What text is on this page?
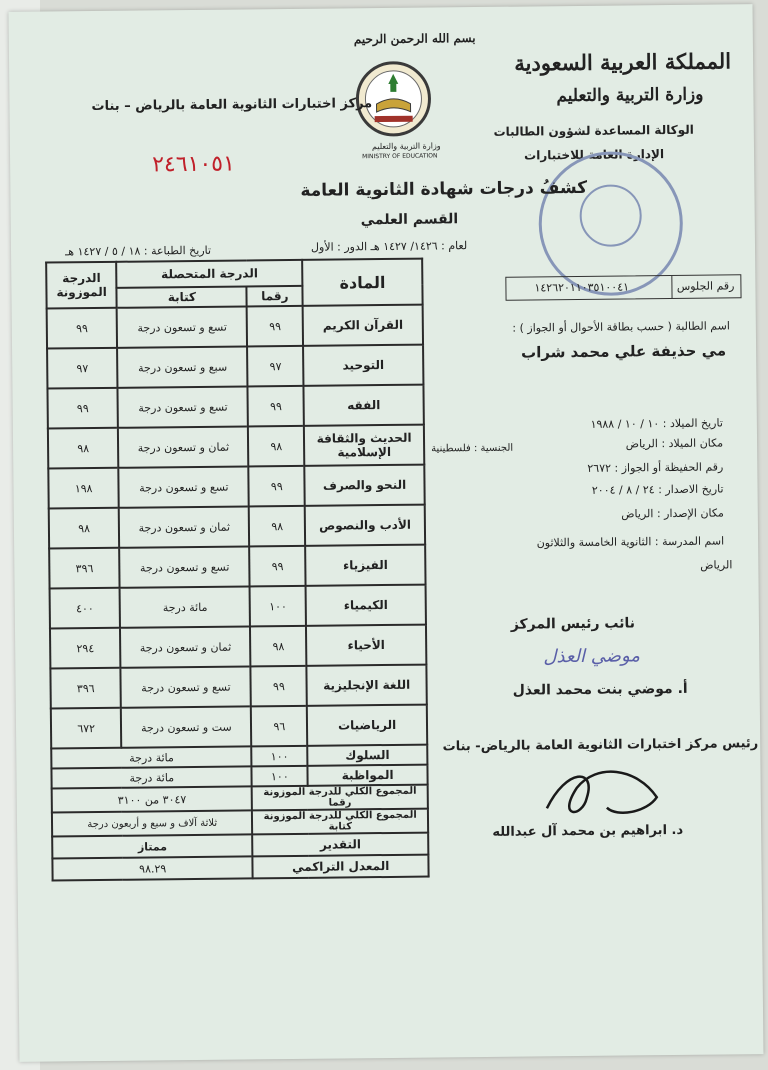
المملكة العربية السعودية
وزارة التربية والتعليم
الوكالة المساعدة لشؤون الطالبات
الإدارة العامة للاختبارات
بسم الله الرحمن الرحيم
وزارة التربية والتعليم
MINISTRY OF EDUCATION
مركز اختبارات الثانوية العامة بالرياض – بنات
٢٤٦١٠٥١
كشفُ درجات شهادة الثانوية العامة
القسم العلمي
لعام : ١٤٢٦/ ١٤٢٧ هـ الدور : الأول
تاريخ الطباعة : ١٨ / ٥ / ١٤٢٧ هـ
المادة	الدرجة المتحصلة		الدرجة الموزونة
	رقما	كتابة	
القرآن الكريم	٩٩	تسع و تسعون درجة	٩٩
التوحيد	٩٧	سبع و تسعون درجة	٩٧
الفقه	٩٩	تسع و تسعون درجة	٩٩
الحديث والثقافة الإسلامية	٩٨	ثمان و تسعون درجة	٩٨
النحو والصرف	٩٩	تسع و تسعون درجة	١٩٨
الأدب والنصوص	٩٨	ثمان و تسعون درجة	٩٨
الفيزياء	٩٩	تسع و تسعون درجة	٣٩٦
الكيمياء	١٠٠	مائة درجة	٤٠٠
الأحياء	٩٨	ثمان و تسعون درجة	٢٩٤
اللغة الإنجليزية	٩٩	تسع و تسعون درجة	٣٩٦
الرياضيات	٩٦	ست و تسعون درجة	٦٧٢
السلوك	١٠٠	مائة درجة	
المواظبة	١٠٠	مائة درجة	
المجموع الكلي للدرجة الموزونة رقما		٣٠٤٧ من ٣١٠٠	
المجموع الكلي للدرجة الموزونة كتابة		ثلاثة آلاف و سبع و أربعون درجة	
التقدير		ممتاز	
المعدل التراكمي		٩٨.٢٩	
رقم الجلوس
١٤٢٦٢٠١١٠٣٥١٠٠٤١
اسم الطالبة ( حسب بطاقة الأحوال أو الجواز ) :
مي حذيفة علي محمد شراب
تاريخ الميلاد : ١٠ / ١٠ / ١٩٨٨
مكان الميلاد : الرياض
الجنسية : فلسطينية
رقم الحفيظة أو الجواز : ٢٦٧٢
تاريخ الاصدار : ٢٤ / ٨ / ٢٠٠٤
مكان الإصدار : الرياض
اسم المدرسة : الثانوية الخامسة والثلاثون
الرياض
نائب رئيس المركز
موضي العذل
أ. موضي بنت محمد العذل
رئيس مركز اختبارات الثانوية العامة بالرياض- بنات
د. ابراهيم بن محمد آل عبدالله
